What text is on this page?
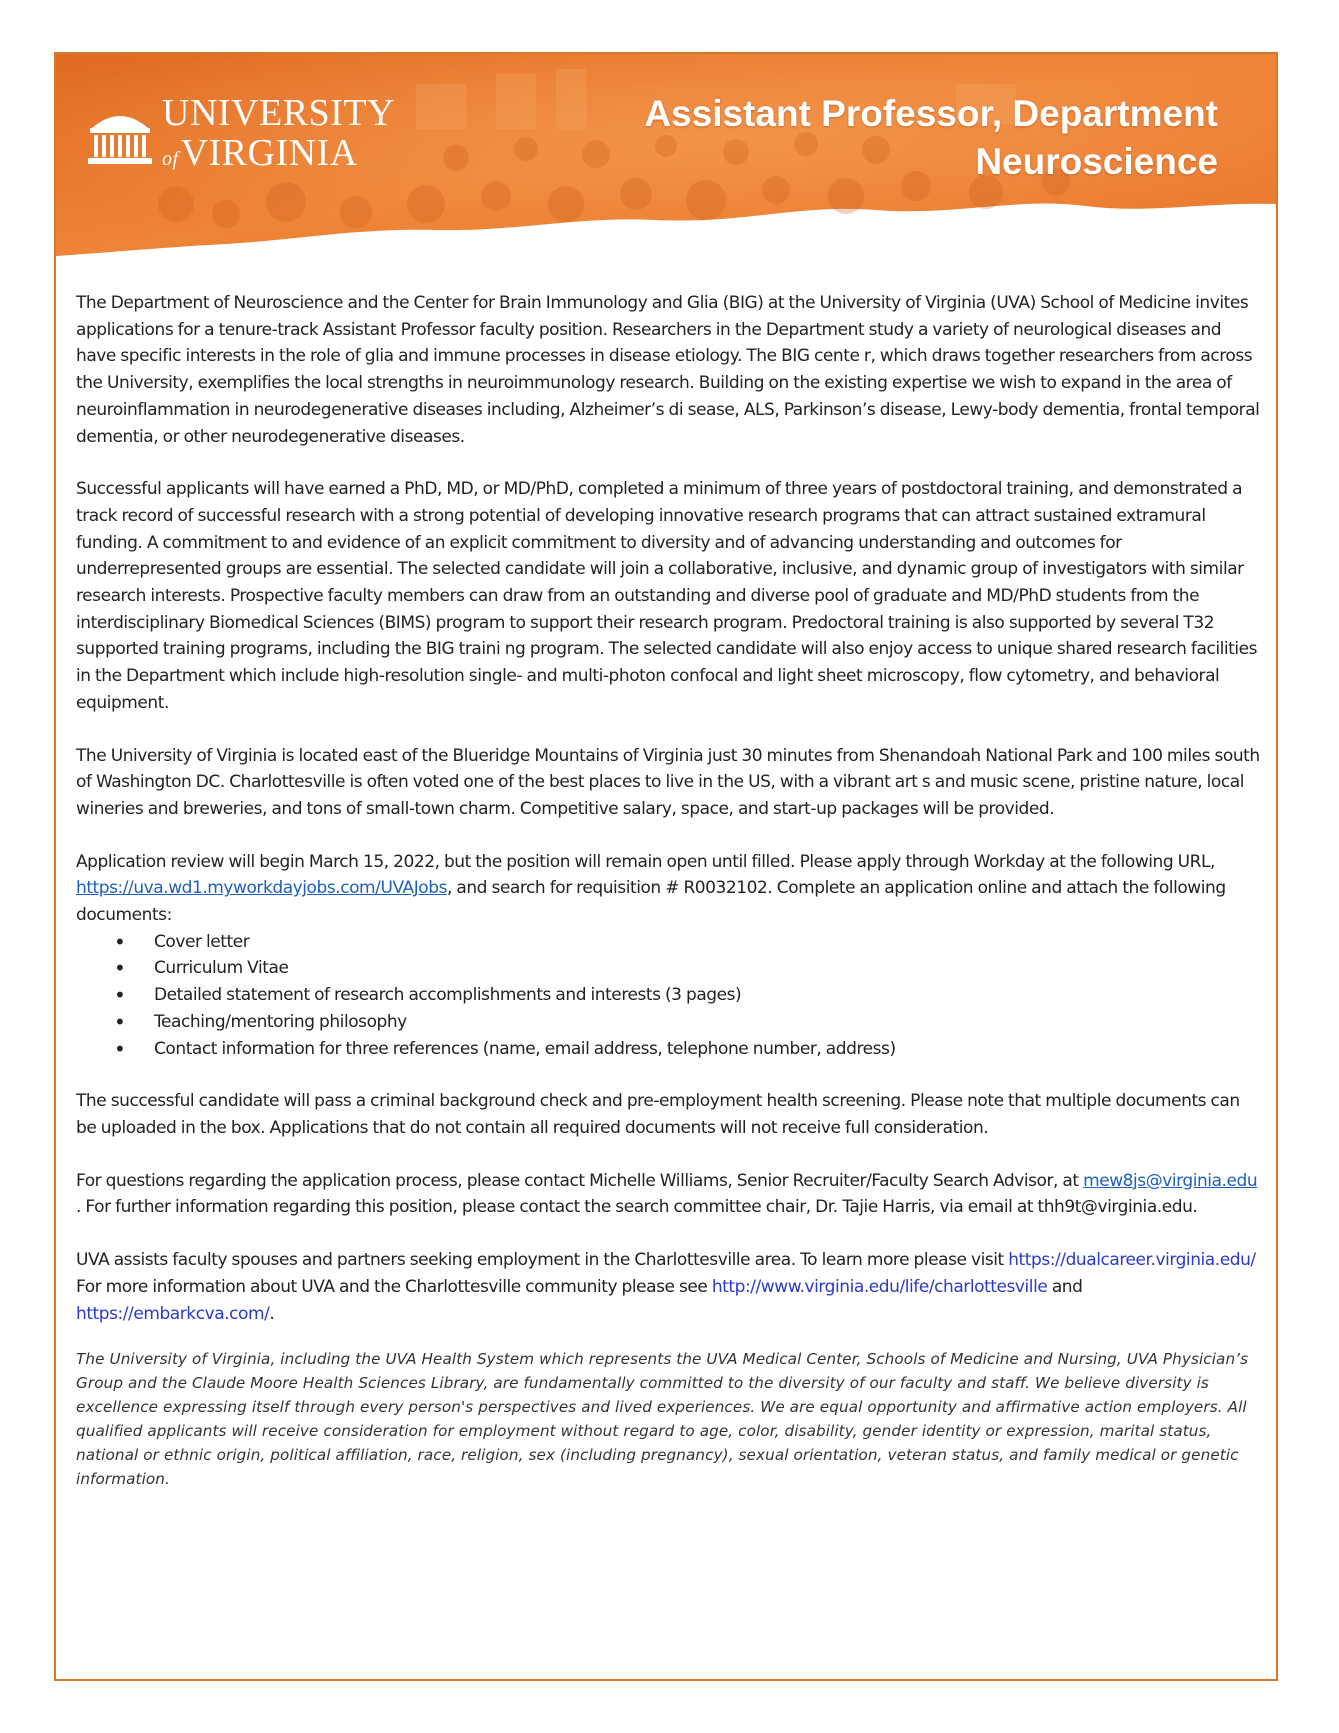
UNIVERSITY
ofVIRGINIA
Assistant Professor, Department Neuroscience

The Department of Neuroscience and the Center for Brain Immunology and Glia (BIG) at the University of Virginia (UVA) School of Medicine invites applications for a tenure-track Assistant Professor faculty position. Researchers in the Department study a variety of neurological diseases and have specific interests in the role of glia and immune processes in disease etiology. The BIG cente r, which draws together researchers from across the University, exemplifies the local strengths in neuroimmunology research. Building on the existing expertise we wish to expand in the area of neuroinflammation in neurodegenerative diseases including, Alzheimer’s di sease, ALS, Parkinson’s disease, Lewy-body dementia, frontal temporal dementia, or other neurodegenerative diseases.

Successful applicants will have earned a PhD, MD, or MD/PhD, completed a minimum of three years of postdoctoral training, and demonstrated a track record of successful research with a strong potential of developing innovative research programs that can attract sustained extramural funding. A commitment to and evidence of an explicit commitment to diversity and of advancing understanding and outcomes for underrepresented groups are essential. The selected candidate will join a collaborative, inclusive, and dynamic group of investigators with similar research interests. Prospective faculty members can draw from an outstanding and diverse pool of graduate and MD/PhD students from the interdisciplinary Biomedical Sciences (BIMS) program to support their research program. Predoctoral training is also supported by several T32 supported training programs, including the BIG traini ng program. The selected candidate will also enjoy access to unique shared research facilities in the Department which include high-resolution single- and multi-photon confocal and light sheet microscopy, flow cytometry, and behavioral equipment.

The University of Virginia is located east of the Blueridge Mountains of Virginia just 30 minutes from Shenandoah National Park and 100 miles south of Washington DC. Charlottesville is often voted one of the best places to live in the US, with a vibrant art s and music scene, pristine nature, local wineries and breweries, and tons of small-town charm. Competitive salary, space, and start-up packages will be provided.

Application review will begin March 15, 2022, but the position will remain open until filled. Please apply through Workday at the following URL, https://uva.wd1.myworkdayjobs.com/UVAJobs, and search for requisition # R0032102. Complete an application online and attach the following documents:

• Cover letter
• Curriculum Vitae
• Detailed statement of research accomplishments and interests (3 pages)
• Teaching/mentoring philosophy
• Contact information for three references (name, email address, telephone number, address)

The successful candidate will pass a criminal background check and pre-employment health screening. Please note that multiple documents can be uploaded in the box. Applications that do not contain all required documents will not receive full consideration.

For questions regarding the application process, please contact Michelle Williams, Senior Recruiter/Faculty Search Advisor, at mew8js@virginia.edu . For further information regarding this position, please contact the search committee chair, Dr. Tajie Harris, via email at thh9t@virginia.edu.

UVA assists faculty spouses and partners seeking employment in the Charlottesville area. To learn more please visit https://dualcareer.virginia.edu/ For more information about UVA and the Charlottesville community please see http://www.virginia.edu/life/charlottesville and https://embarkcva.com/.

The University of Virginia, including the UVA Health System which represents the UVA Medical Center, Schools of Medicine and Nursing, UVA Physician’s Group and the Claude Moore Health Sciences Library, are fundamentally committed to the diversity of our faculty and staff. We believe diversity is excellence expressing itself through every person's perspectives and lived experiences. We are equal opportunity and affirmative action employers. All qualified applicants will receive consideration for employment without regard to age, color, disability, gender identity or expression, marital status, national or ethnic origin, political affiliation, race, religion, sex (including pregnancy), sexual orientation, veteran status, and family medical or genetic information.
